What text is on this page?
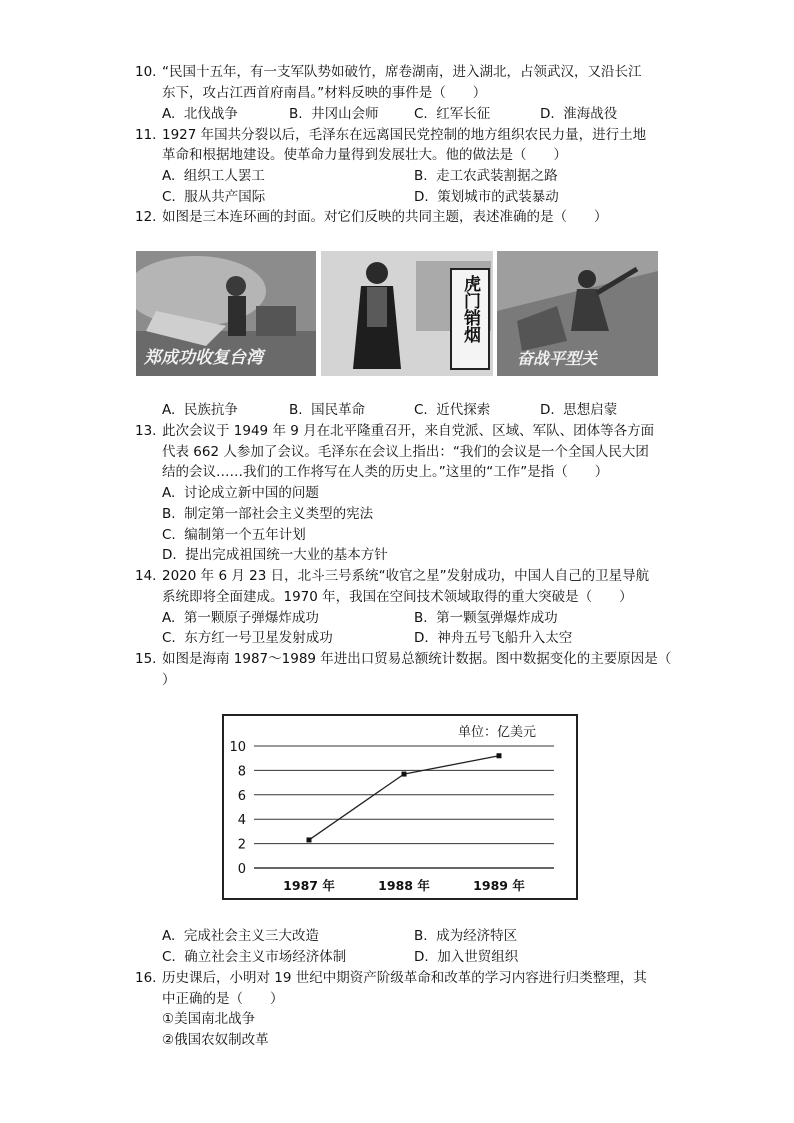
10. “民国十五年，有一支军队势如破竹，席卷湖南，进入湖北，占领武汉，又沿长江
东下，攻占江西首府南昌。”材料反映的事件是（　　）
A.  北伐战争	B.  井冈山会师	C.  红军长征	D.  淮海战役
11. 1927 年国共分裂以后，毛泽东在远离国民党控制的地方组织农民力量，进行土地
革命和根据地建设。使革命力量得到发展壮大。他的做法是（　　）
A.  组织工人罢工	B.  走工农武装割据之路
C.  服从共产国际	D.  策划城市的武装暴动
12. 如图是三本连环画的封面。对它们反映的共同主题，表述准确的是（　　）
郑成功收复台湾
虎门销烟
奋战平型关
A.  民族抗争	B.  国民革命	C.  近代探索	D.  思想启蒙
13. 此次会议于 1949 年 9 月在北平隆重召开，来自党派、区域、军队、团体等各方面
代表 662 人参加了会议。毛泽东在会议上指出：“我们的会议是一个全国人民大团
结的会议……我们的工作将写在人类的历史上。”这里的“工作”是指（　　）
A.  讨论成立新中国的问题
B.  制定第一部社会主义类型的宪法
C.  编制第一个五年计划
D.  提出完成祖国统一大业的基本方针
14. 2020 年 6 月 23 日，北斗三号系统“收官之星”发射成功，中国人自己的卫星导航
系统即将全面建成。1970 年，我国在空间技术领域取得的重大突破是（　　）
A.  第一颗原子弹爆炸成功	B.  第一颗氢弹爆炸成功
C.  东方红一号卫星发射成功	D.  神舟五号飞船升入太空
15. 如图是海南 1987～1989 年进出口贸易总额统计数据。图中数据变化的主要原因是（
）
单位：亿美元
0
2
4
6
8
10
1987 年	1988 年	1989 年
A.  完成社会主义三大改造	B.  成为经济特区
C.  确立社会主义市场经济体制	D.  加入世贸组织
16. 历史课后，小明对 19 世纪中期资产阶级革命和改革的学习内容进行归类整理，其
中正确的是（　　）
①美国南北战争
②俄国农奴制改革
